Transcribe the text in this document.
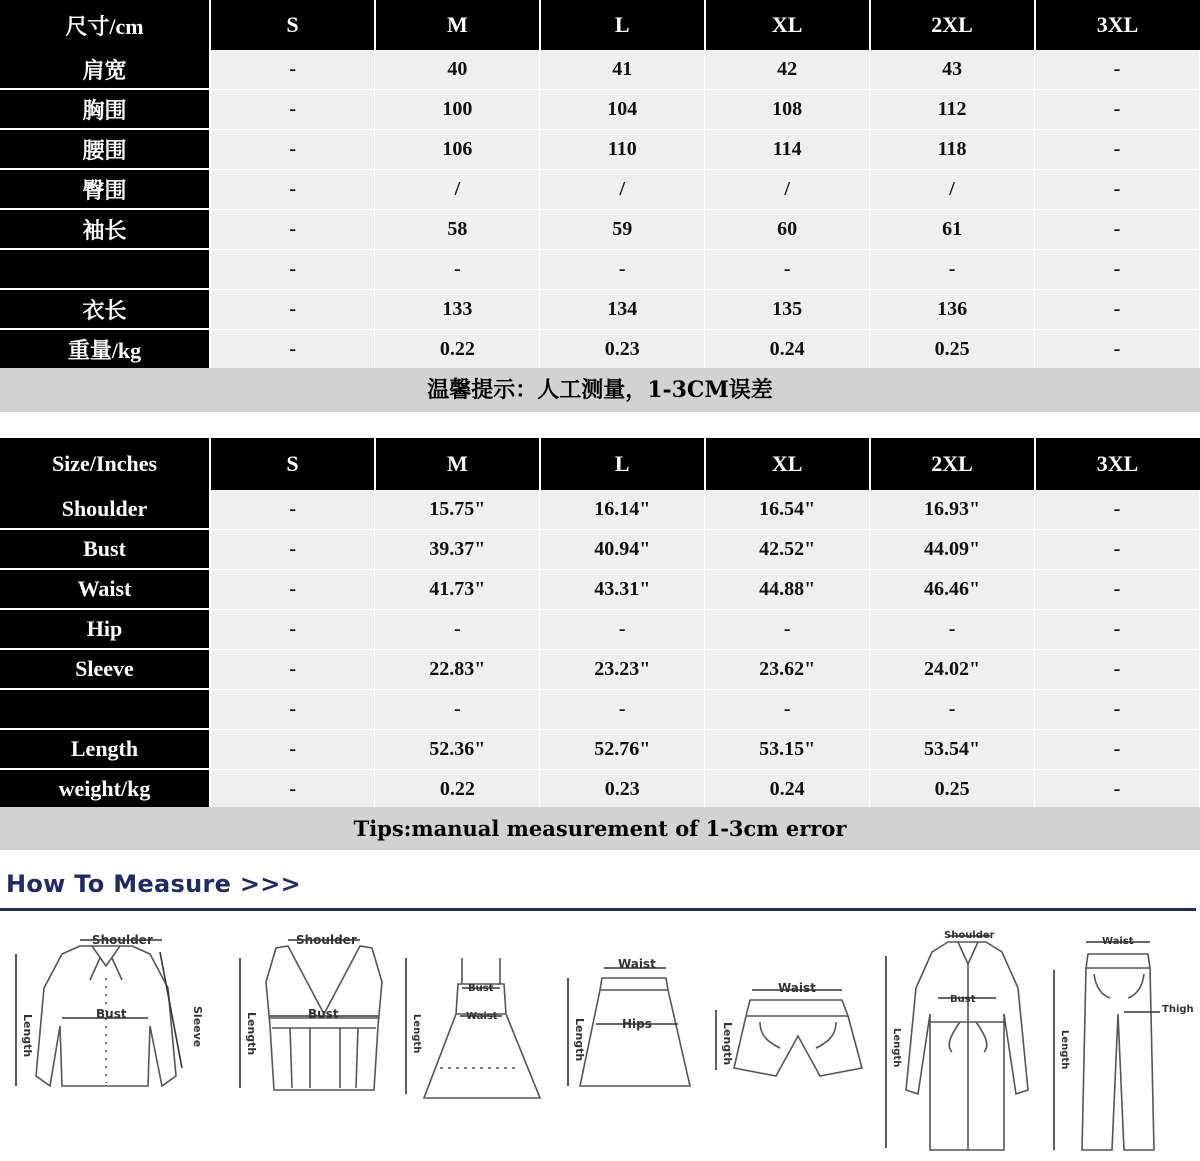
尺寸/cm	S	M	L	XL	2XL	3XL
肩宽	-	40	41	42	43	-
胸围	-	100	104	108	112	-
腰围	-	106	110	114	118	-
臀围	-	/	/	/	/	-
袖长	-	58	59	60	61	-
	-	-	-	-	-	-
衣长	-	133	134	135	136	-
重量/kg	-	0.22	0.23	0.24	0.25	-
温馨提示：人工测量，1-3CM误差
Size/Inches	S	M	L	XL	2XL	3XL
Shoulder	-	15.75"	16.14"	16.54"	16.93"	-
Bust	-	39.37"	40.94"	42.52"	44.09"	-
Waist	-	41.73"	43.31"	44.88"	46.46"	-
Hip	-	-	-	-	-	-
Sleeve	-	22.83"	23.23"	23.62"	24.02"	-
	-	-	-	-	-	-
Length	-	52.36"	52.76"	53.15"	53.54"	-
weight/kg	-	0.22	0.23	0.24	0.25	-
Tips:manual measurement of 1-3cm error
How To Measure >>>
Shoulder
Bust
Length	Sleeve
Shoulder
Bust
Length
Bust
Waist
Length
Waist
Hips
Length
Waist
Length
Shoulder
Bust
Length
Waist
Thigh
Length
